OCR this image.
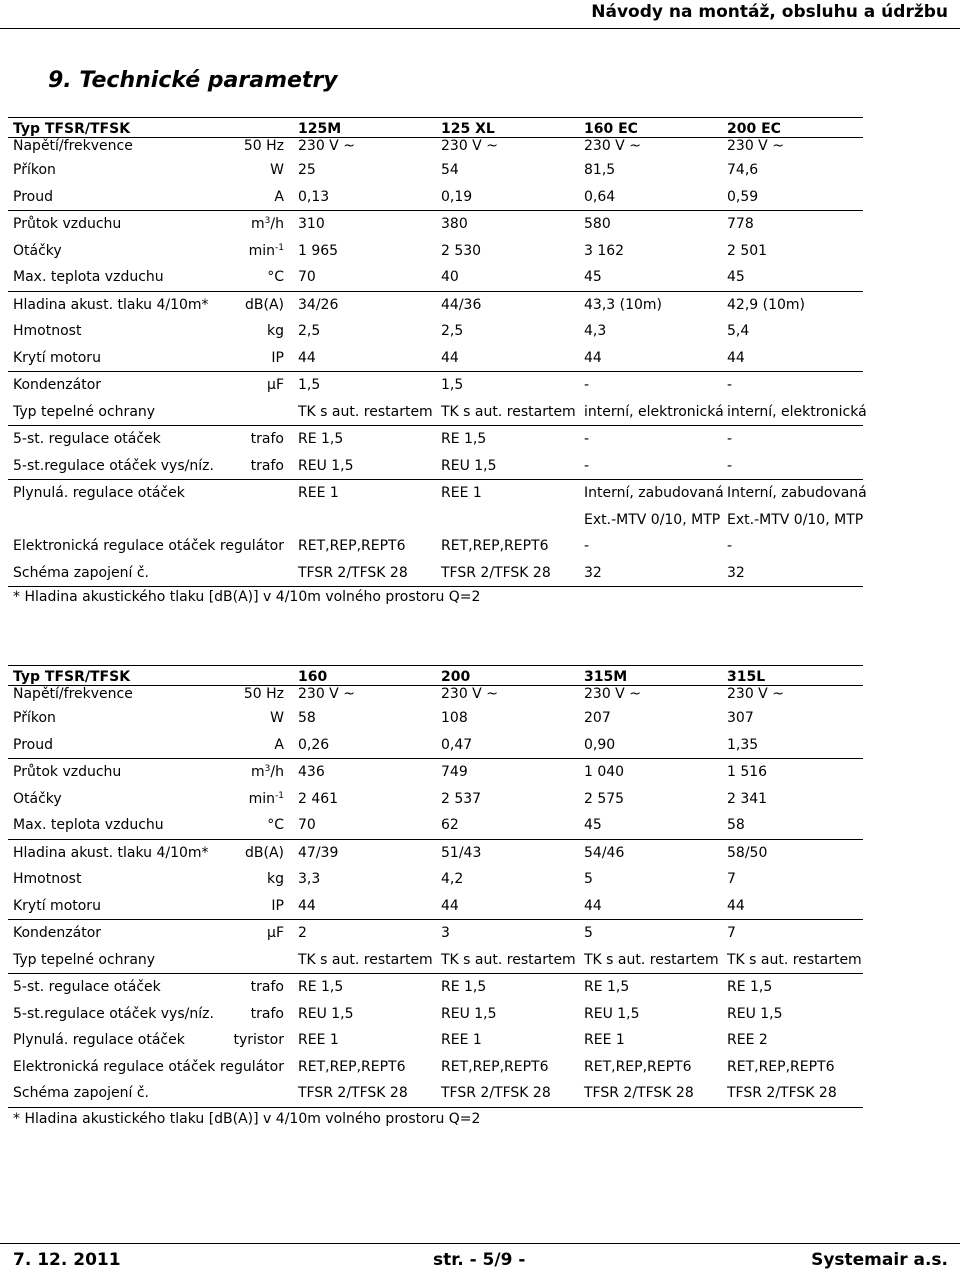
Návody na montáž, obsluhu a údržbu
9. Technické parametry
Typ TFSR/TFSK		125M	125 XL	160 EC	200 EC
Napětí/frekvence	50 Hz	230 V ~	230 V ~	230 V ~	230 V ~
Příkon	W	25	54	81,5	74,6
Proud	A	0,13	0,19	0,64	0,59
Průtok vzduchu	$m^3/h$	310	380	580	778
Otáčky	$\min^{-1}$	1 965	2 530	3 162	2 501
Max. teplota vzduchu	°C	70	40	45	45
Hladina akust. tlaku 4/10m*	dB(A)	34/26	44/36	43,3 (10m)	42,9 (10m)
Hmotnost	kg	2,5	2,5	4,3	5,4
Krytí motoru	IP	44	44	44	44
Kondenzátor	µF	1,5	1,5	-	-
Typ tepelné ochrany		TK s aut. restartem	TK s aut. restartem	interní, elektronická	interní, elektronická
5-st. regulace otáček	trafo	RE 1,5	RE 1,5	-	-
5-st.regulace otáček vys/níz.	trafo	REU 1,5	REU 1,5	-	-
Plynulá. regulace otáček		REE 1	REE 1	Interní, zabudovaná	Interní, zabudovaná
				Ext.-MTV 0/10, MTP	Ext.-MTV 0/10, MTP
Elektronická regulace otáček	regulátor	RET,REP,REPT6	RET,REP,REPT6	-	-
Schéma zapojení č.		TFSR 2/TFSK 28	TFSR 2/TFSK 28	32	32
* Hladina akustického tlaku [dB(A)] v 4/10m volného prostoru Q=2
Typ TFSR/TFSK		160	200	315M	315L
Napětí/frekvence	50 Hz	230 V ~	230 V ~	230 V ~	230 V ~
Příkon	W	58	108	207	307
Proud	A	0,26	0,47	0,90	1,35
Průtok vzduchu	$m^3/h$	436	749	1 040	1 516
Otáčky	$\min^{-1}$	2 461	2 537	2 575	2 341
Max. teplota vzduchu	°C	70	62	45	58
Hladina akust. tlaku 4/10m*	dB(A)	47/39	51/43	54/46	58/50
Hmotnost	kg	3,3	4,2	5	7
Krytí motoru	IP	44	44	44	44
Kondenzátor	µF	2	3	5	7
Typ tepelné ochrany		TK s aut. restartem	TK s aut. restartem	TK s aut. restartem	TK s aut. restartem
5-st. regulace otáček	trafo	RE 1,5	RE 1,5	RE 1,5	RE 1,5
5-st.regulace otáček vys/níz.	trafo	REU 1,5	REU 1,5	REU 1,5	REU 1,5
Plynulá. regulace otáček	tyristor	REE 1	REE 1	REE 1	REE 2
Elektronická regulace otáček	regulátor	RET,REP,REPT6	RET,REP,REPT6	RET,REP,REPT6	RET,REP,REPT6
Schéma zapojení č.		TFSR 2/TFSK 28	TFSR 2/TFSK 28	TFSR 2/TFSK 28	TFSR 2/TFSK 28
* Hladina akustického tlaku [dB(A)] v 4/10m volného prostoru Q=2
7. 12. 2011	str. - 5/9 -	Systemair a.s.
